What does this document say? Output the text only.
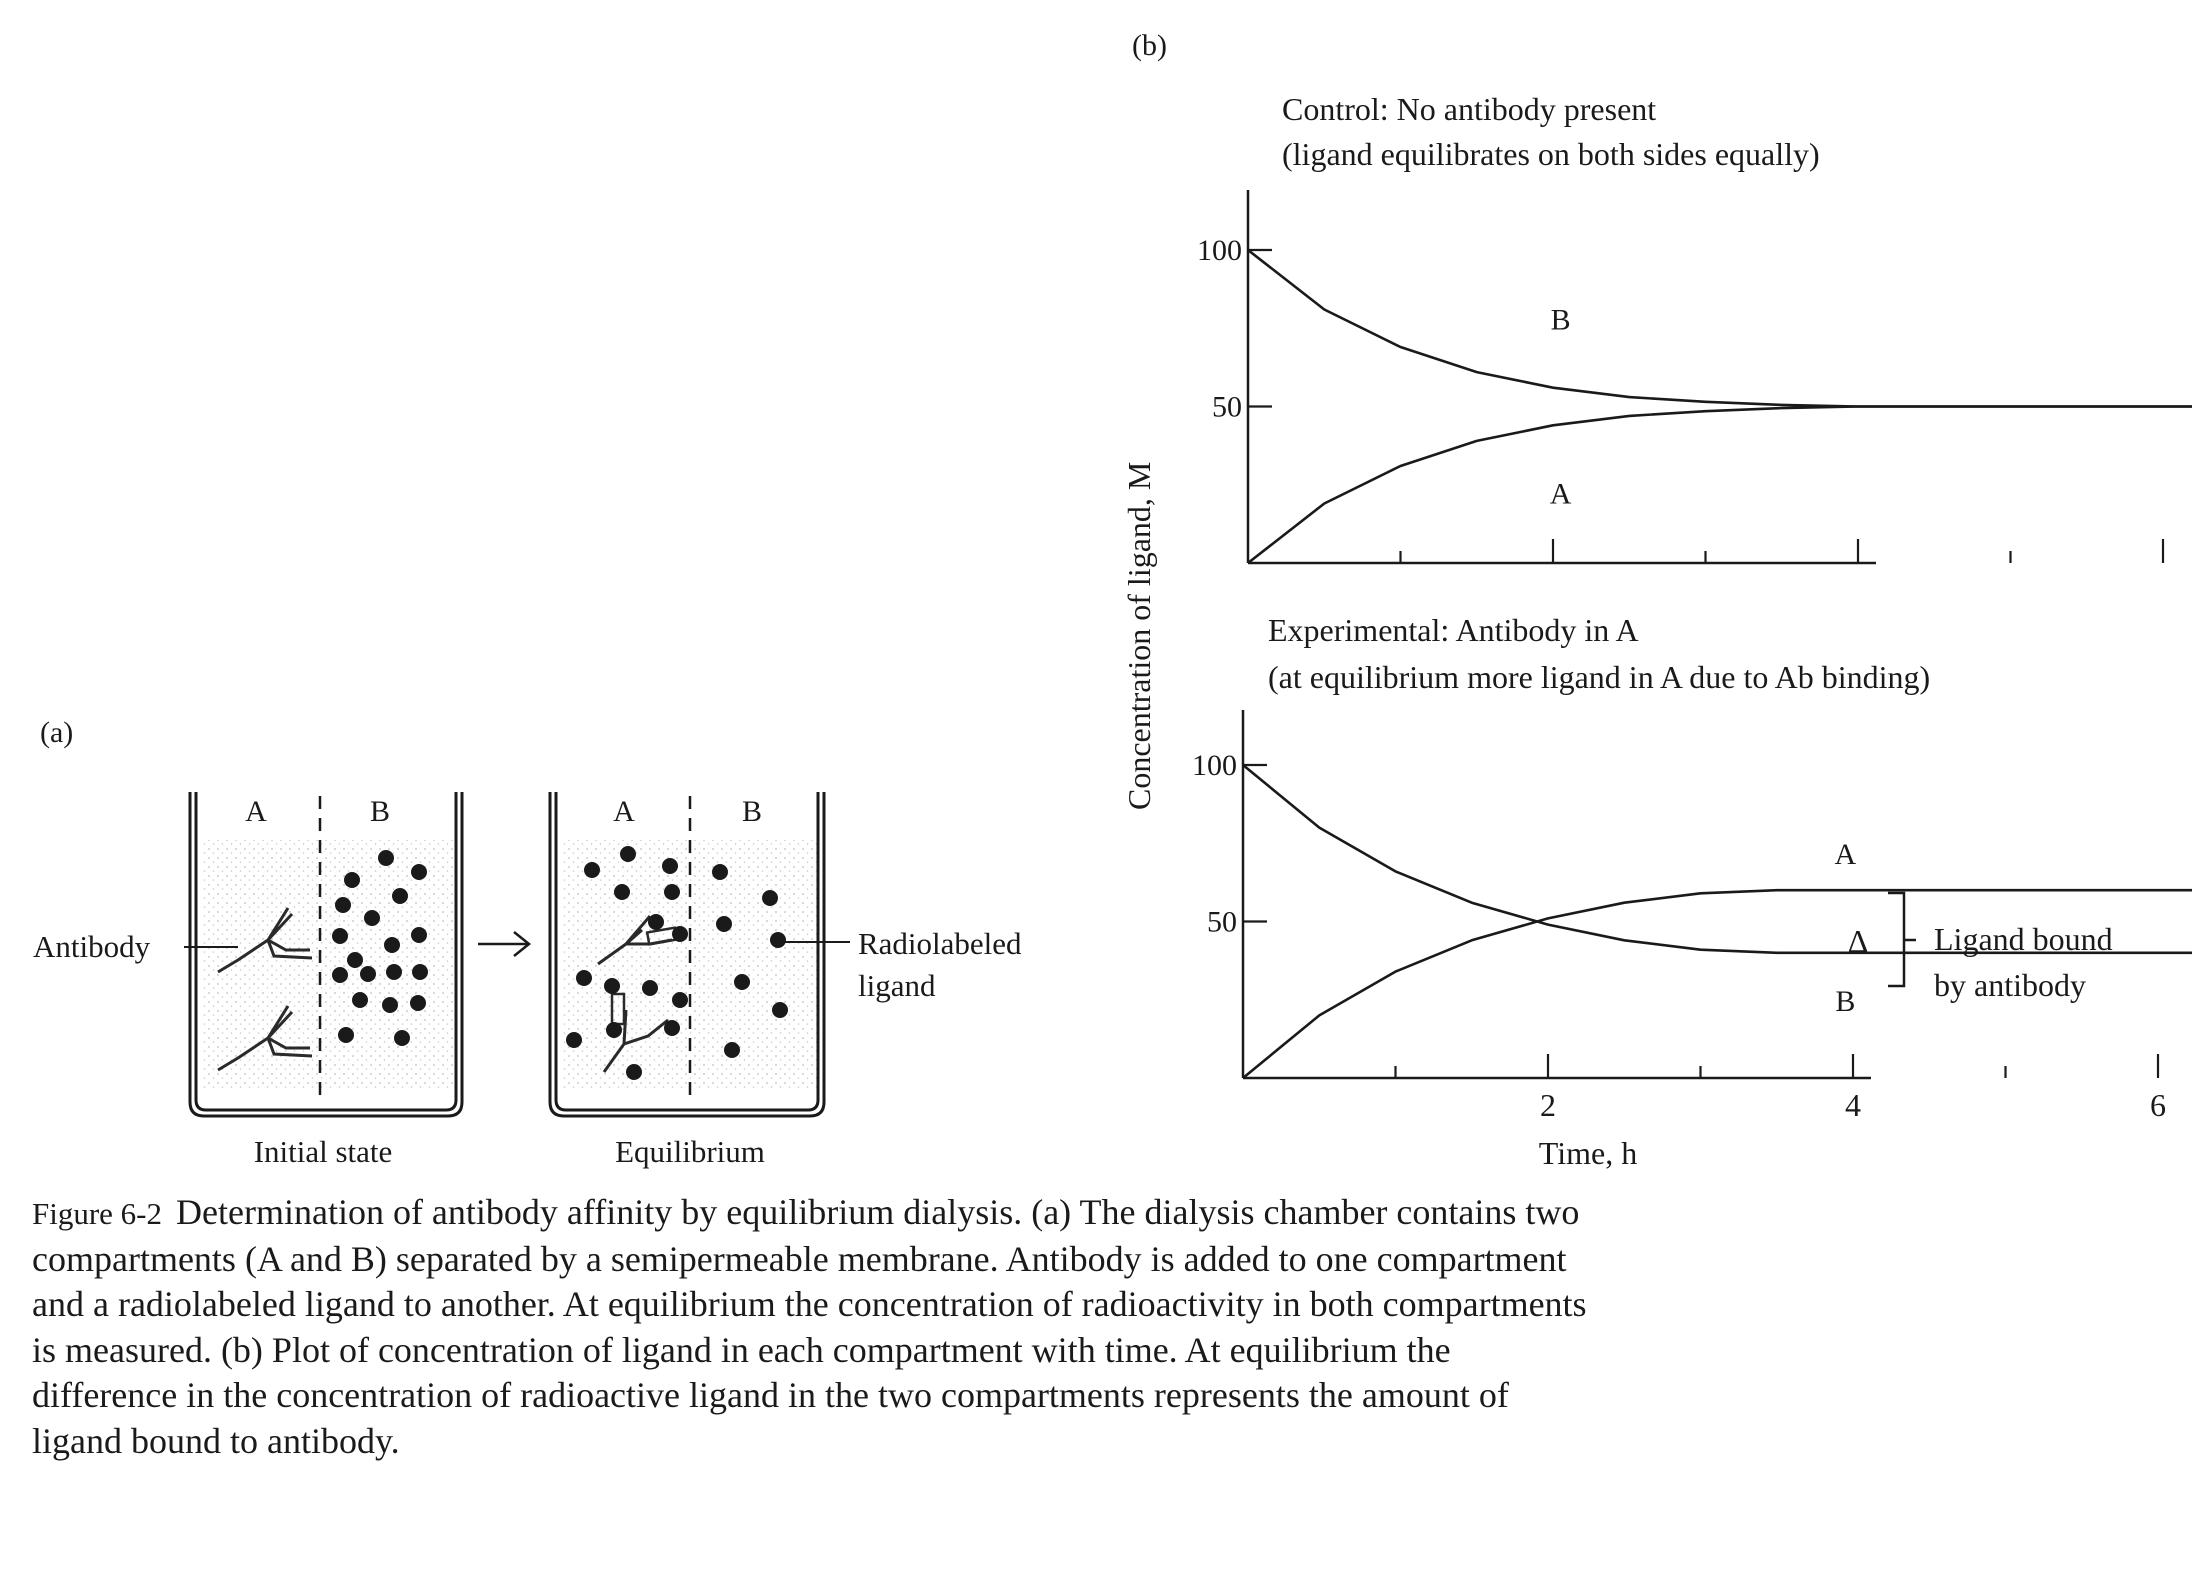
(a)
A	B
Initial state
Antibody
A	B
Equilibrium
Radiolabeled
ligand
(b)
Concentration of ligand, M
Control: No antibody present
(ligand equilibrates on both sides equally)
100
50
B
A
Experimental: Antibody in A
(at equilibrium more ligand in A due to Ab binding)
2	4	6
100
50
A
B
Time, h
Δ Ligand bound
by antibody
Figure 6-2 Determination of antibody affinity by equilibrium dialysis. (a) The dialysis chamber contains two compartments (A and B) separated by a semipermeable membrane. Antibody is added to one compartment and a radiolabeled ligand to another. At equilibrium the concentration of radioactivity in both compartments is measured. (b) Plot of concentration of ligand in each compartment with time. At equilibrium the difference in the concentration of radioactive ligand in the two compartments represents the amount of ligand bound to antibody.
